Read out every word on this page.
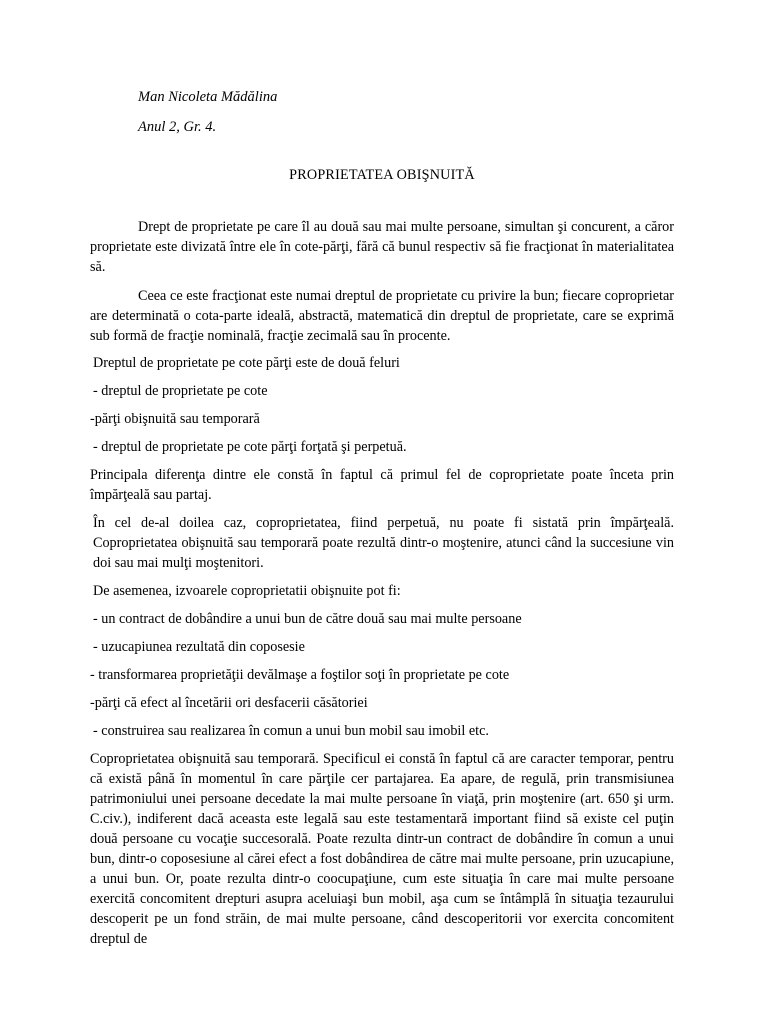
Man Nicoleta Mădălina
Anul 2, Gr. 4.
PROPRIETATEA OBIŞNUITĂ

Drept de proprietate pe care îl au două sau mai multe persoane, simultan şi concurent, a căror proprietate este divizată între ele în cote-părţi, fără că bunul respectiv să fie fracţionat în materialitatea să.

Ceea ce este fracţionat este numai dreptul de proprietate cu privire la bun; fiecare coproprietar are determinată o cota-parte ideală, abstractă, matematică din dreptul de proprietate, care se exprimă sub formă de fracţie nominală, fracţie zecimală sau în procente.

Dreptul de proprietate pe cote părţi este de două feluri

- dreptul de proprietate pe cote

-părţi obişnuită sau temporară

- dreptul de proprietate pe cote părţi forţată şi perpetuă.

Principala diferenţa dintre ele constă în faptul că primul fel de coproprietate poate înceta prin împărţeală sau partaj.

În cel de-al doilea caz, coproprietatea, fiind perpetuă, nu poate fi sistată prin împărţeală. Coproprietatea obişnuită sau temporară poate rezultă dintr-o moştenire, atunci când la succesiune vin doi sau mai mulţi moştenitori.

De asemenea, izvoarele coproprietatii obişnuite pot fi:

- un contract de dobândire a unui bun de către două sau mai multe persoane

- uzucapiunea rezultată din coposesie

- transformarea proprietăţii devălmaşe a foştilor soţi în proprietate pe cote

-părţi că efect al încetării ori desfacerii căsătoriei

- construirea sau realizarea în comun a unui bun mobil sau imobil etc.

Coproprietatea obişnuită sau temporară. Specificul ei constă în faptul că are caracter temporar, pentru că există până în momentul în care părţile cer partajarea. Ea apare, de regulă, prin transmisiunea patrimoniului unei persoane decedate la mai multe persoane în viaţă, prin moştenire (art. 650 şi urm. C.civ.), indiferent dacă aceasta este legală sau este testamentară important fiind să existe cel puţin două persoane cu vocaţie succesorală. Poate rezulta dintr-un contract de dobândire în comun a unui bun, dintr-o coposesiune al cărei efect a fost dobândirea de către mai multe persoane, prin uzucapiune, a unui bun. Or, poate rezulta dintr-o coocupaţiune, cum este situaţia în care mai multe persoane exercită concomitent drepturi asupra aceluiaşi bun mobil, aşa cum se întâmplă în situaţia tezaurului descoperit pe un fond străin, de mai multe persoane, când descoperitorii vor exercita concomitent dreptul de
